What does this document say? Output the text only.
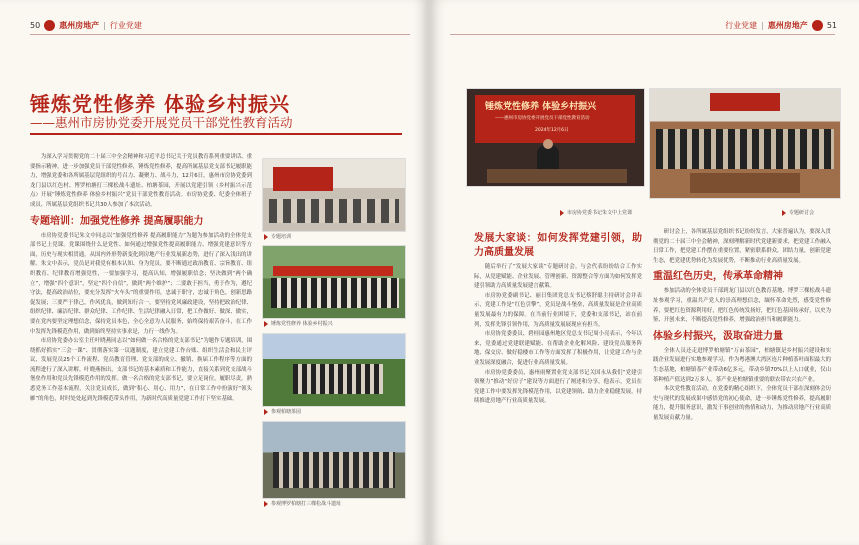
50 惠州房地产 | 行业党建
锤炼党性修养 体验乡村振兴
——惠州市房协党委开展党员干部党性教育活动

为深入学习贯彻党的二十届三中全会精神和习近平总书记关于党员教育系列重要讲话、重要指示精神，进一步加强党员干部党性修养，锤炼党性修养，提高所属基层党支部书记履职能力，增强党委和各所属基层党组织的号召力、凝聚力、战斗力，12月6日，惠州市房协党委到龙门县以红色村、博罗柏塘打三棵松战斗遗址、柏塘茶园，开展以党建引领（乡村振兴示范点）开展“锤炼党性修养 体验乡村振兴”党员干部党性教育活动。市房协党委、纪委全体班子成员、所属基层党组织书记共30人参加了本次活动。

专题培训：加强党性修养 提高履职能力

市房协党委书记朱文中同志以“加强党性修养 提高履职能力”为题为参加活动的全体党支部书记上党课。党课围绕什么是党性、如何通过增强党性提高履职能力、增强党建意识等方面，历史与现实相贯通。从国内外形势新变化到房地产行业发展新态势，进行了深入浅出的讲解。朱文中表示，党员是对我党有根本认知、身为党员，要不断通过政治教育、宗旨教育、组织教育、纪律教育增强党性，一要加强学习，提高认知，增强履职信念；坚决做到“两个确立”，增强“四个意识”，坚定“四个自信”，做到“两个维护”；二要敢于担当，勇于作为，遵纪守法，提高政治站位，要充分发挥“火车头”的重要作用，忠诚于职守，忠诚于角色，创新思路促发展；三要严于律己，作风优良，做到知行合一，要坚持党风廉政建设，坚持把政治纪律、组织纪律、廉洁纪律、群众纪律、工作纪律、生活纪律融入日常，把工作做好、做深、做实，要在党内要坚定理想信念，保持党员本色，全心全意为人民服务，始终保持艰苦奋斗，在工作中发挥先锋模范作用，做到始终坚持实事求是，力行一线作为。

市房协党委办公室主任叶晓燕同志以“如何做一名合格的党支部书记”为题作专题培训，围绕抓好抓实“三会一课”、贯彻落实第一议题制度，建立党建工作台账、组织生活会和民主评议、发展党员25个工作流程、党员教育管理、党支部的成立、撤销、换届工作程序等方面的流程进行了深入讲解。叶晓燕指出，支部书记的基本素质和工作能力，直接关系到党支部战斗堡垒作用和党员先锋模范作用的发挥。做一名合格的党支部书记，要立足岗位，履职尽责，熟悉党务工作基本流程，关注党员成长，做到“积心、用心、用力”，在日常工作中扮演好“领头雁”的角色，时时处处起到先锋模范带头作用，为新时代高质量党建工作打下坚实基础。

专题培训
锤炼党性修养 体验乡村振兴
参观柏塘茶园
参观博罗柏塘打三棵松战斗遗址
行业党建 | 惠州房地产 51
锤炼党性修养 体验乡村振兴
——惠州市房协党委开展党员干部党性教育活动
2024年12月6日
市房协党委书记朱文中上党课	专题研讨会
发展大家谈：如何发挥党建引领，助力高质量发展

随后举行了“发展大家谈”专题研讨会。与会代表纷纷结合工作实际，从党建赋能、企业发展、管理创新、资源整合等方面为如何发挥党建引领助力高质量发展建言献策。

市房协党委副书记、丽日集团党总支书记蔡舒聪主持研讨会并表示，党建工作是“红色引擎”，党员是战斗堡垒，高质量发展是企业高质量发展最有力的保障。在当前行业困境下，党委和支部书记，站在前列，发挥先锋引领作用，为高质量发展展现应有担当。

市房协党委委员、碧桂园惠州地区党总支书记周小亮表示，今年以来，党委通过党建联建赋能、在帮助企业化解风险、建设党员服务阵地、保交房、做好稳楼市工作等方面发挥了积极作用，让党建工作与企业发展深度融合，促进行业高质量发展。

市房协党委委员，惠州雨聚置业党支部书记关国永从我们“党建引领聚力”推动“好房子”建设等方面进行了阐述和分享，他表示，党员在党建工作中要发挥先锋模范作用，以党建领航、助力企业稳健发展，持续推进房地产行业高质量发展。

研讨会上，各所属基层党组织书记纷纷发言，大家普遍认为，要深入贯彻党的二十届三中全会精神，深刻理解新时代党建新要求，把党建工作融入日常工作，把党建工作摆在重要位置，紧密联系群众，团结力量，创新党建生态，把党建优势转化为发展优势，不断推动行业高质量发展。

重温红色历史，传承革命精神

参加活动的全体党员干部到龙门县以红色教育基地、博罗三棵松战斗遗址参观学习，重温共产党人的崇高理想信念，缅怀革命先烈，感受党性修养，要把红色资源利用好，把红色传统发扬好，把红色基因传承好，以史为鉴、开创未来，不断提高党性修养，增强政治担当和履职能力。

体验乡村振兴，汲取奋进力量

全体人员还走进博罗柏塘镇“万亩茶园”，柏塘镇是乡村振兴建设和实践企业发展进行实地参观学习。作为粤港澳大湾区连片种植茶叶面积最大的生态基地，柏塘镇茶产业带动6亿多元，带动乡镇70%以上人口就业，仅山茶种植产值达到2万多人。茶产业是柏塘镇重要的联农带农兴农产业。

本次党性教育活动，在党委的精心组织下，全体党员干部在深刻体会历史与现代的发展成果中感悟党的初心使命，进一步锤炼党性修养，提高履职能力，提升服务意识，激发干事创业的热情和动力，为推动房地产行业高质量发展贡献力量。
